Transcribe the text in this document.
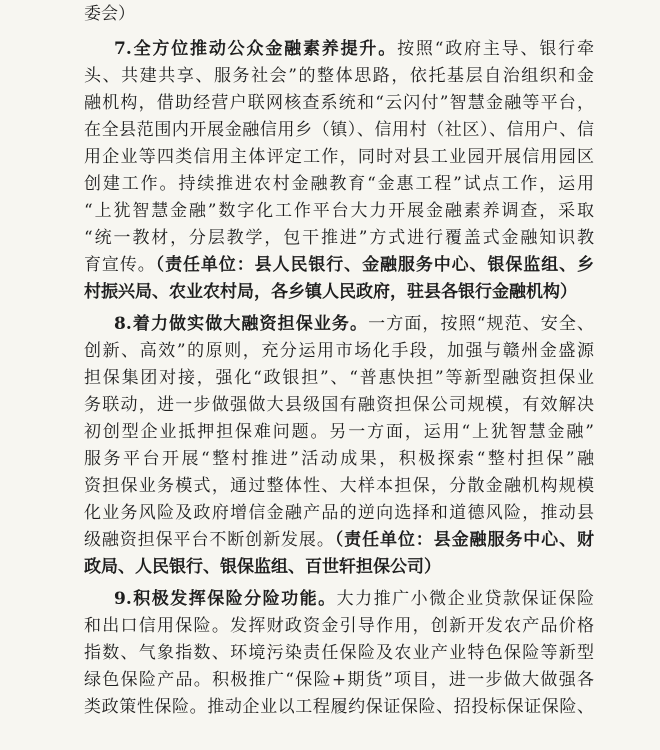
委会）
7.全方位推动公众金融素养提升。按照“政府主导、银行牵
头、共建共享、服务社会”的整体思路，依托基层自治组织和金
融机构，借助经营户联网核查系统和“云闪付”智慧金融等平台，
在全县范围内开展金融信用乡（镇）、信用村（社区）、信用户、信
用企业等四类信用主体评定工作，同时对县工业园开展信用园区
创建工作。持续推进农村金融教育“金惠工程”试点工作，运用
“上犹智慧金融”数字化工作平台大力开展金融素养调查，采取
“统一教材，分层教学，包干推进”方式进行覆盖式金融知识教
育宣传。（责任单位：县人民银行、金融服务中心、银保监组、乡
村振兴局、农业农村局，各乡镇人民政府，驻县各银行金融机构）
8.着力做实做大融资担保业务。一方面，按照“规范、安全、
创新、高效”的原则，充分运用市场化手段，加强与赣州金盛源
担保集团对接，强化“政银担”、“普惠快担”等新型融资担保业
务联动，进一步做强做大县级国有融资担保公司规模，有效解决
初创型企业抵押担保难问题。另一方面，运用“上犹智慧金融”
服务平台开展“整村推进”活动成果，积极探索“整村担保”融
资担保业务模式，通过整体性、大样本担保，分散金融机构规模
化业务风险及政府增信金融产品的逆向选择和道德风险，推动县
级融资担保平台不断创新发展。（责任单位：县金融服务中心、财
政局、人民银行、银保监组、百世轩担保公司）
9.积极发挥保险分险功能。大力推广小微企业贷款保证保险
和出口信用保险。发挥财政资金引导作用，创新开发农产品价格
指数、气象指数、环境污染责任保险及农业产业特色保险等新型
绿色保险产品。积极推广“保险+期货”项目，进一步做大做强各
类政策性保险。推动企业以工程履约保证保险、招投标保证保险、
